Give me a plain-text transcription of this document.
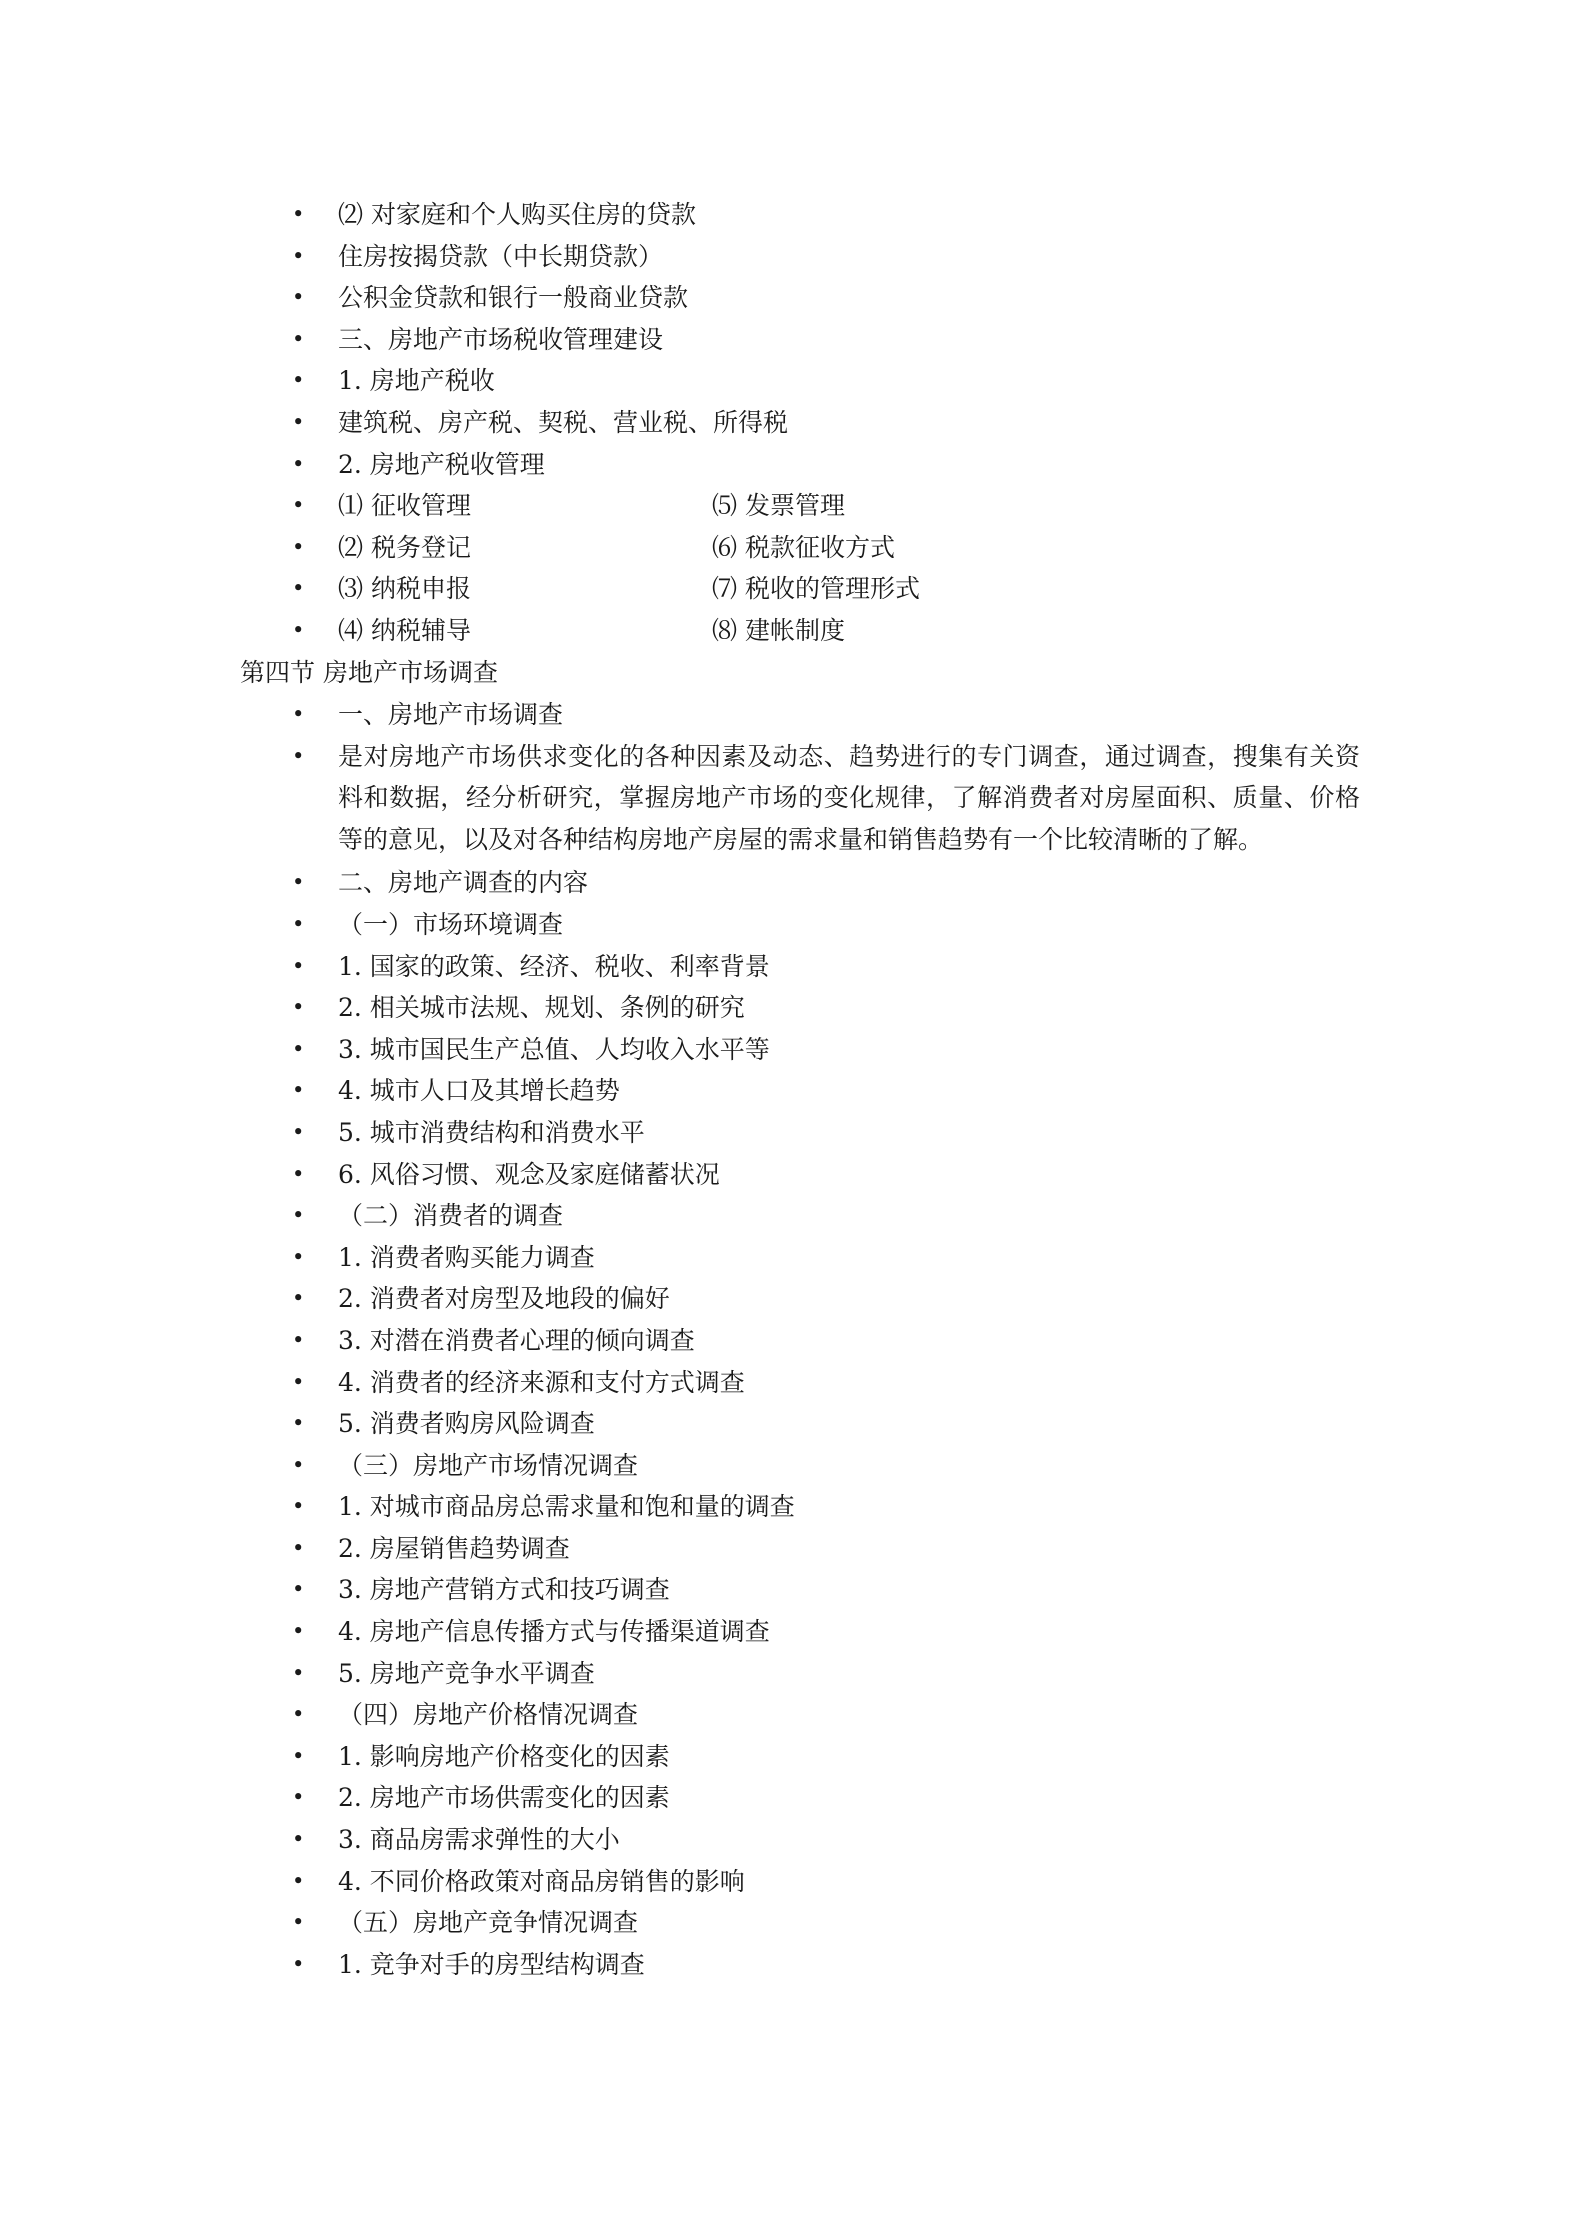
• ⑵ 对家庭和个人购买住房的贷款
• 住房按揭贷款（中长期贷款）
• 公积金贷款和银行一般商业贷款
• 三、房地产市场税收管理建设
• 1. 房地产税收
• 建筑税、房产税、契税、营业税、所得税
• 2. 房地产税收管理
• ⑴ 征收管理	⑸ 发票管理
• ⑵ 税务登记	⑹ 税款征收方式
• ⑶ 纳税申报	⑺ 税收的管理形式
• ⑷ 纳税辅导	⑻ 建帐制度
第四节 房地产市场调查
• 一、房地产市场调查
• 是对房地产市场供求变化的各种因素及动态、趋势进行的专门调查，通过调查，搜集有关资料和数据，经分析研究，掌握房地产市场的变化规律，了解消费者对房屋面积、质量、价格等的意见，以及对各种结构房地产房屋的需求量和销售趋势有一个比较清晰的了解。
• 二、房地产调查的内容
• （一）市场环境调查
• 1. 国家的政策、经济、税收、利率背景
• 2. 相关城市法规、规划、条例的研究
• 3. 城市国民生产总值、人均收入水平等
• 4. 城市人口及其增长趋势
• 5. 城市消费结构和消费水平
• 6. 风俗习惯、观念及家庭储蓄状况
• （二）消费者的调查
• 1. 消费者购买能力调查
• 2. 消费者对房型及地段的偏好
• 3. 对潜在消费者心理的倾向调查
• 4. 消费者的经济来源和支付方式调查
• 5. 消费者购房风险调查
• （三）房地产市场情况调查
• 1. 对城市商品房总需求量和饱和量的调查
• 2. 房屋销售趋势调查
• 3. 房地产营销方式和技巧调查
• 4. 房地产信息传播方式与传播渠道调查
• 5. 房地产竞争水平调查
• （四）房地产价格情况调查
• 1. 影响房地产价格变化的因素
• 2. 房地产市场供需变化的因素
• 3. 商品房需求弹性的大小
• 4. 不同价格政策对商品房销售的影响
• （五）房地产竞争情况调查
• 1. 竞争对手的房型结构调查
